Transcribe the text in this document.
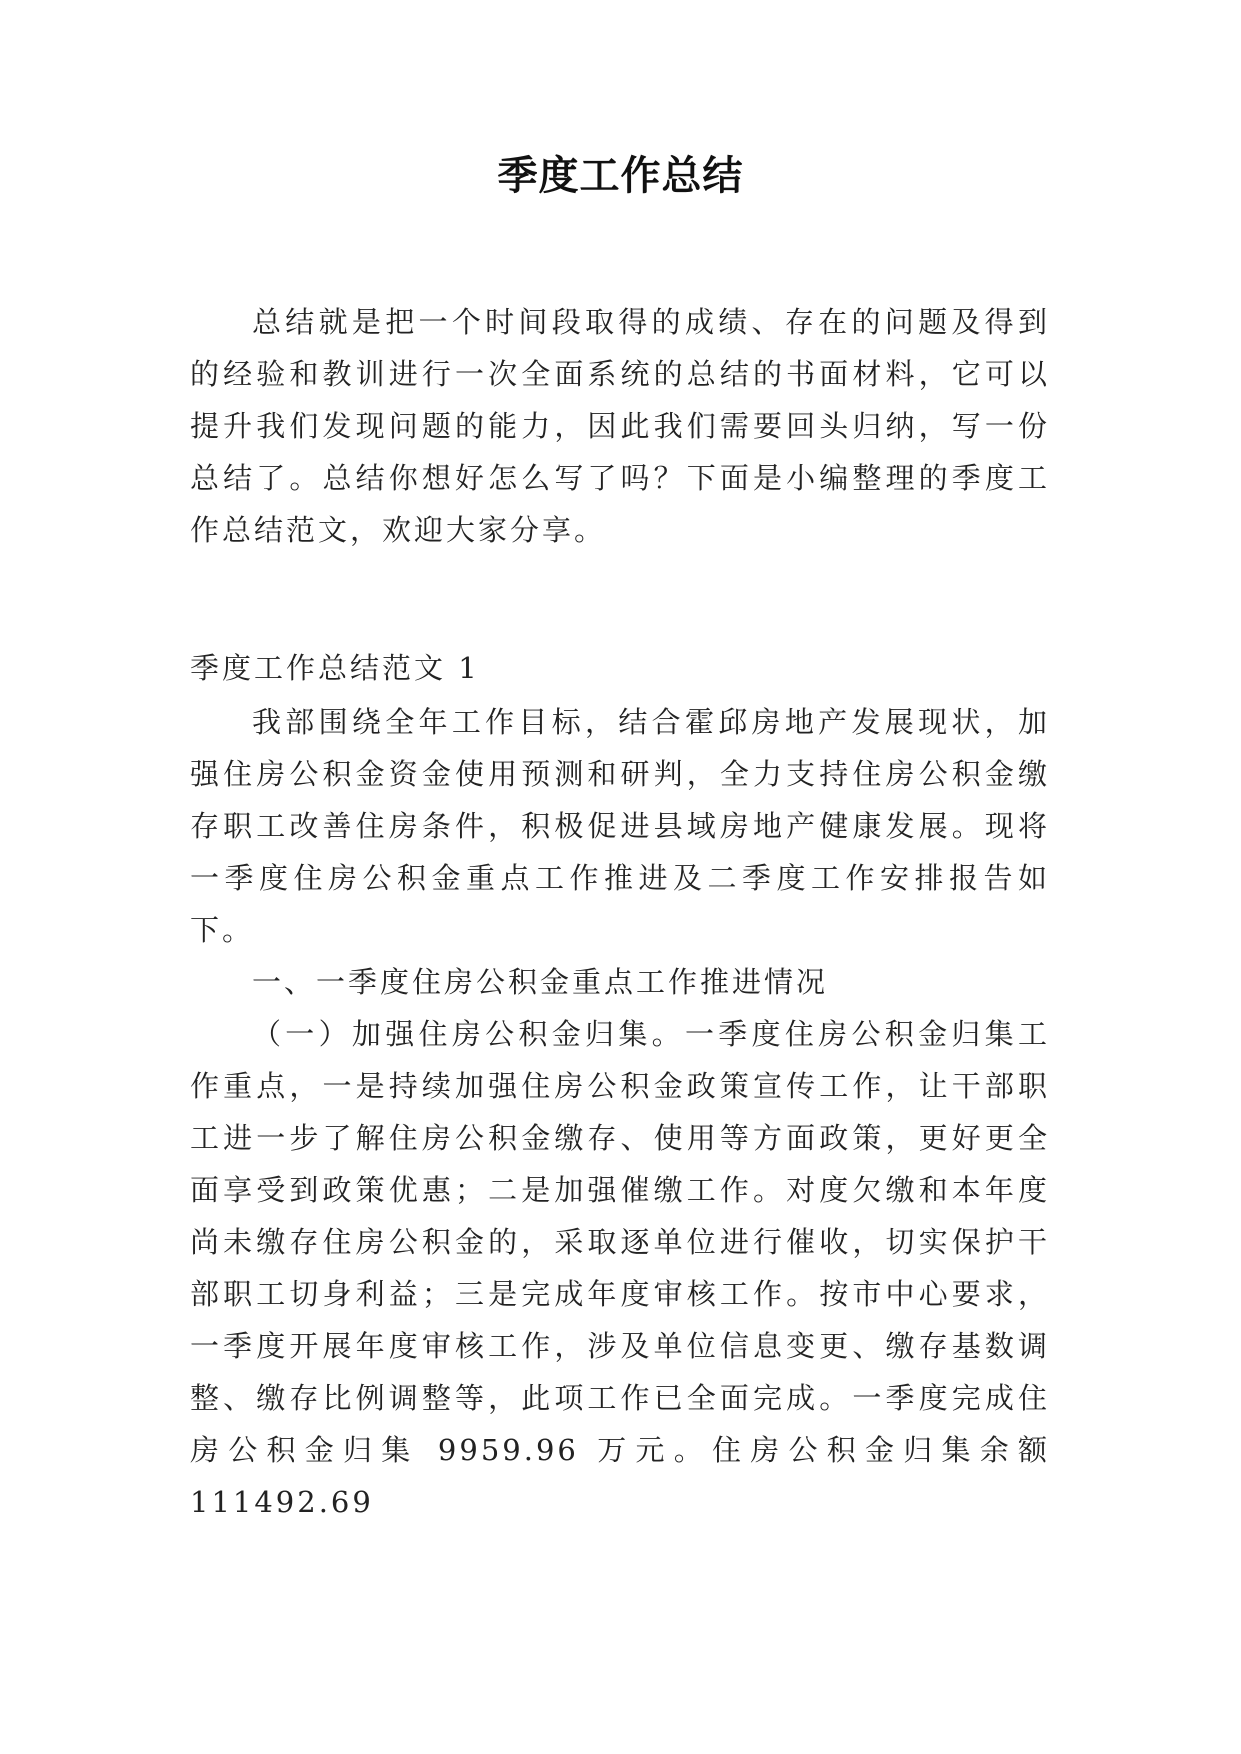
季度工作总结

总结就是把一个时间段取得的成绩、存在的问题及得到的经验和教训进行一次全面系统的总结的书面材料，它可以提升我们发现问题的能力，因此我们需要回头归纳，写一份总结了。总结你想好怎么写了吗？下面是小编整理的季度工作总结范文，欢迎大家分享。

季度工作总结范文 1

我部围绕全年工作目标，结合霍邱房地产发展现状，加强住房公积金资金使用预测和研判，全力支持住房公积金缴存职工改善住房条件，积极促进县域房地产健康发展。现将一季度住房公积金重点工作推进及二季度工作安排报告如下。

一、一季度住房公积金重点工作推进情况

（一）加强住房公积金归集。一季度住房公积金归集工作重点，一是持续加强住房公积金政策宣传工作，让干部职工进一步了解住房公积金缴存、使用等方面政策，更好更全面享受到政策优惠；二是加强催缴工作。对度欠缴和本年度尚未缴存住房公积金的，采取逐单位进行催收，切实保护干部职工切身利益；三是完成年度审核工作。按市中心要求，一季度开展年度审核工作，涉及单位信息变更、缴存基数调整、缴存比例调整等，此项工作已全面完成。一季度完成住房公积金归集 9959.96 万元。住房公积金归集余额 111492.69
